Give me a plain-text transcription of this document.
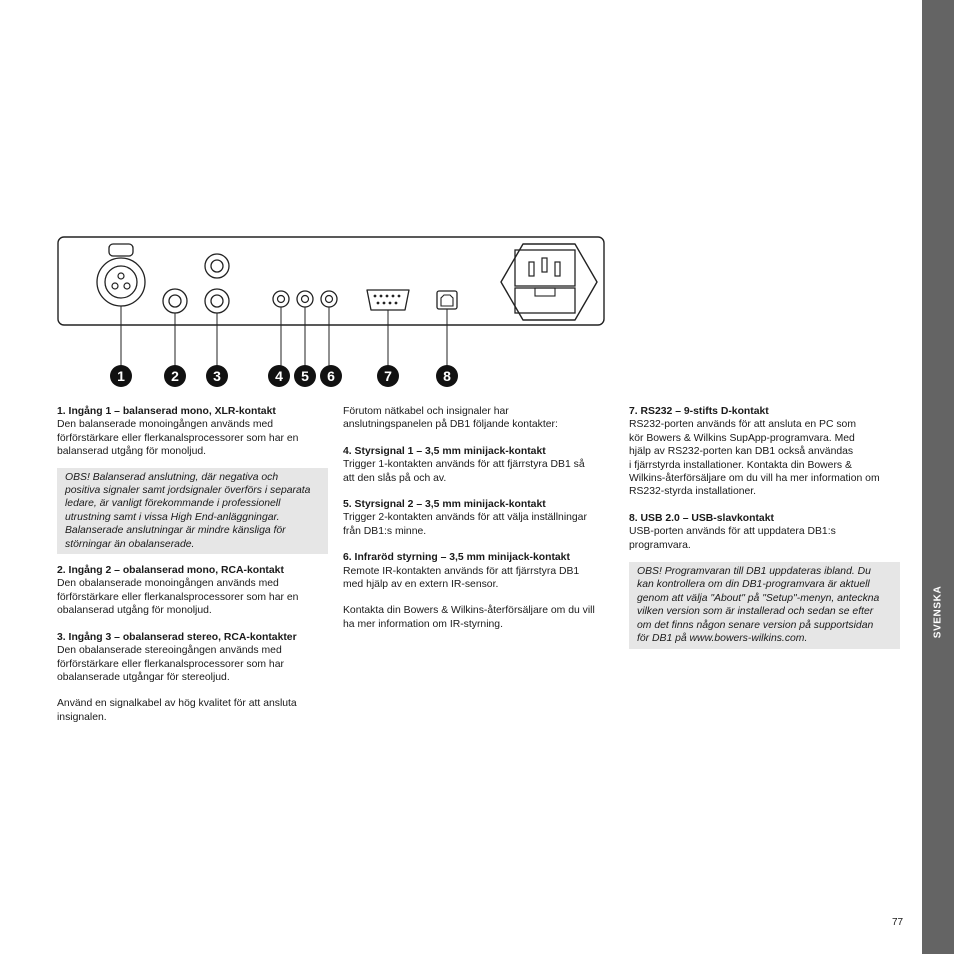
SVENSKA
1	2 3	4 5 6	7	8

1. Ingång 1 – balanserad mono, XLR-kontakt

Den balanserade monoingången används med
förförstärkare eller flerkanalsprocessorer som har en
balanserad utgång för monoljud.
OBS! Balanserad anslutning, där negativa och
positiva signaler samt jordsignaler överförs i separata
ledare, är vanligt förekommande i professionell
utrustning samt i vissa High End-anläggningar.
Balanserade anslutningar är mindre känsliga för
störningar än obalanserade.

2. Ingång 2 – obalanserad mono, RCA-kontakt

Den obalanserade monoingången används med
förförstärkare eller flerkanalsprocessorer som har en
obalanserad utgång för monoljud.

3. Ingång 3 – obalanserad stereo, RCA-kontakter

Den obalanserade stereoingången används med
förförstärkare eller flerkanalsprocessorer som har
obalanserade utgångar för stereoljud.
Använd en signalkabel av hög kvalitet för att ansluta
insignalen.
Förutom nätkabel och insignaler har
anslutningspanelen på DB1 följande kontakter:

4. Styrsignal 1 – 3,5 mm minijack-kontakt

Trigger 1-kontakten används för att fjärrstyra DB1 så
att den slås på och av.

5. Styrsignal 2 – 3,5 mm minijack-kontakt

Trigger 2-kontakten används för att välja inställningar
från DB1:s minne.

6. Infraröd styrning – 3,5 mm minijack-kontakt

Remote IR-kontakten används för att fjärrstyra DB1
med hjälp av en extern IR-sensor.
Kontakta din Bowers & Wilkins-återförsäljare om du vill
ha mer information om IR-styrning.

7. RS232 – 9-stifts D-kontakt

RS232-porten används för att ansluta en PC som
kör Bowers & Wilkins SupApp-programvara. Med
hjälp av RS232-porten kan DB1 också användas
i fjärrstyrda installationer. Kontakta din Bowers &
Wilkins-återförsäljare om du vill ha mer information om
RS232-styrda installationer.

8. USB 2.0 – USB-slavkontakt

USB-porten används för att uppdatera DB1:s
programvara.
OBS! Programvaran till DB1 uppdateras ibland. Du
kan kontrollera om din DB1-programvara är aktuell
genom att välja "About" på "Setup"-menyn, anteckna
vilken version som är installerad och sedan se efter
om det finns någon senare version på supportsidan
för DB1 på www.bowers-wilkins.com.
77
